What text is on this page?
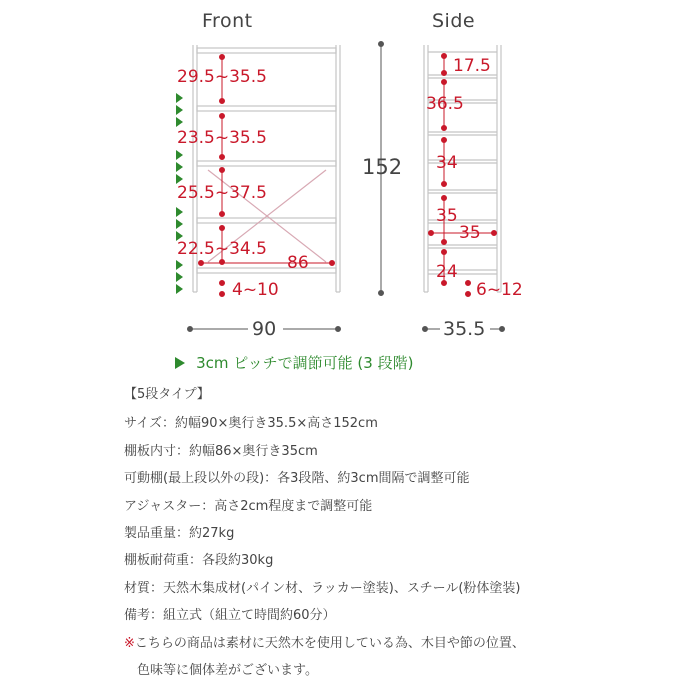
Front	Side
29.5~35.5
23.5~35.5
25.5~37.5
22.5~34.5
86
4~10
152
17.5
36.5
34
35
35
24
6~12
90	35.5
3cm ピッチで調節可能 (3 段階)
【5段タイプ】
サイズ：約幅90×奥行き35.5×高さ152cm
棚板内寸：約幅86×奥行き35cm
可動棚(最上段以外の段)：各3段階、約3cm間隔で調整可能
アジャスター：高さ2cm程度まで調整可能
製品重量：約27kg
棚板耐荷重：各段約30kg
材質：天然木集成材(パイン材、ラッカー塗装)、スチール(粉体塗装)
備考：組立式（組立て時間約60分）
※こちらの商品は素材に天然木を使用している為、木目や節の位置、
色味等に個体差がございます。
